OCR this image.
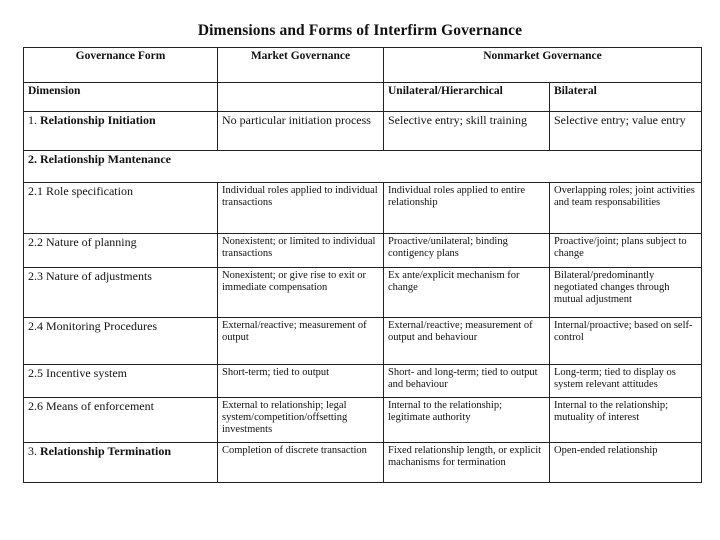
Dimensions and Forms of Interfirm Governance
Governance Form	Market Governance	Nonmarket Governance	
Dimension		Unilateral/Hierarchical	Bilateral
1. Relationship Initiation	No particular initiation process	Selective entry; skill training	Selective entry; value entry
2. Relationship Mantenance			
2.1 Role specification	Individual roles applied to individual transactions	Individual roles applied to entire relationship	Overlapping roles; joint activities and team responsabilities
2.2 Nature of planning	Nonexistent; or limited to individual transactions	Proactive/unilateral; binding contigency plans	Proactive/joint; plans subject to change
2.3 Nature of adjustments	Nonexistent; or give rise to exit or immediate compensation	Ex ante/explicit mechanism for change	Bilateral/predominantly negotiated changes through mutual adjustment
2.4 Monitoring Procedures	External/reactive; measurement of output	External/reactive; measurement of output and behaviour	Internal/proactive; based on self-control
2.5 Incentive system	Short-term; tied to output	Short- and long-term; tied to output and behaviour	Long-term; tied to display os system relevant attitudes
2.6 Means of enforcement	External to relationship; legal system/competition/offsetting investments	Internal to the relationship; legitimate authority	Internal to the relationship; mutuality of interest
3. Relationship Termination	Completion of discrete transaction	Fixed relationship length, or explicit machanisms for termination	Open-ended relationship
